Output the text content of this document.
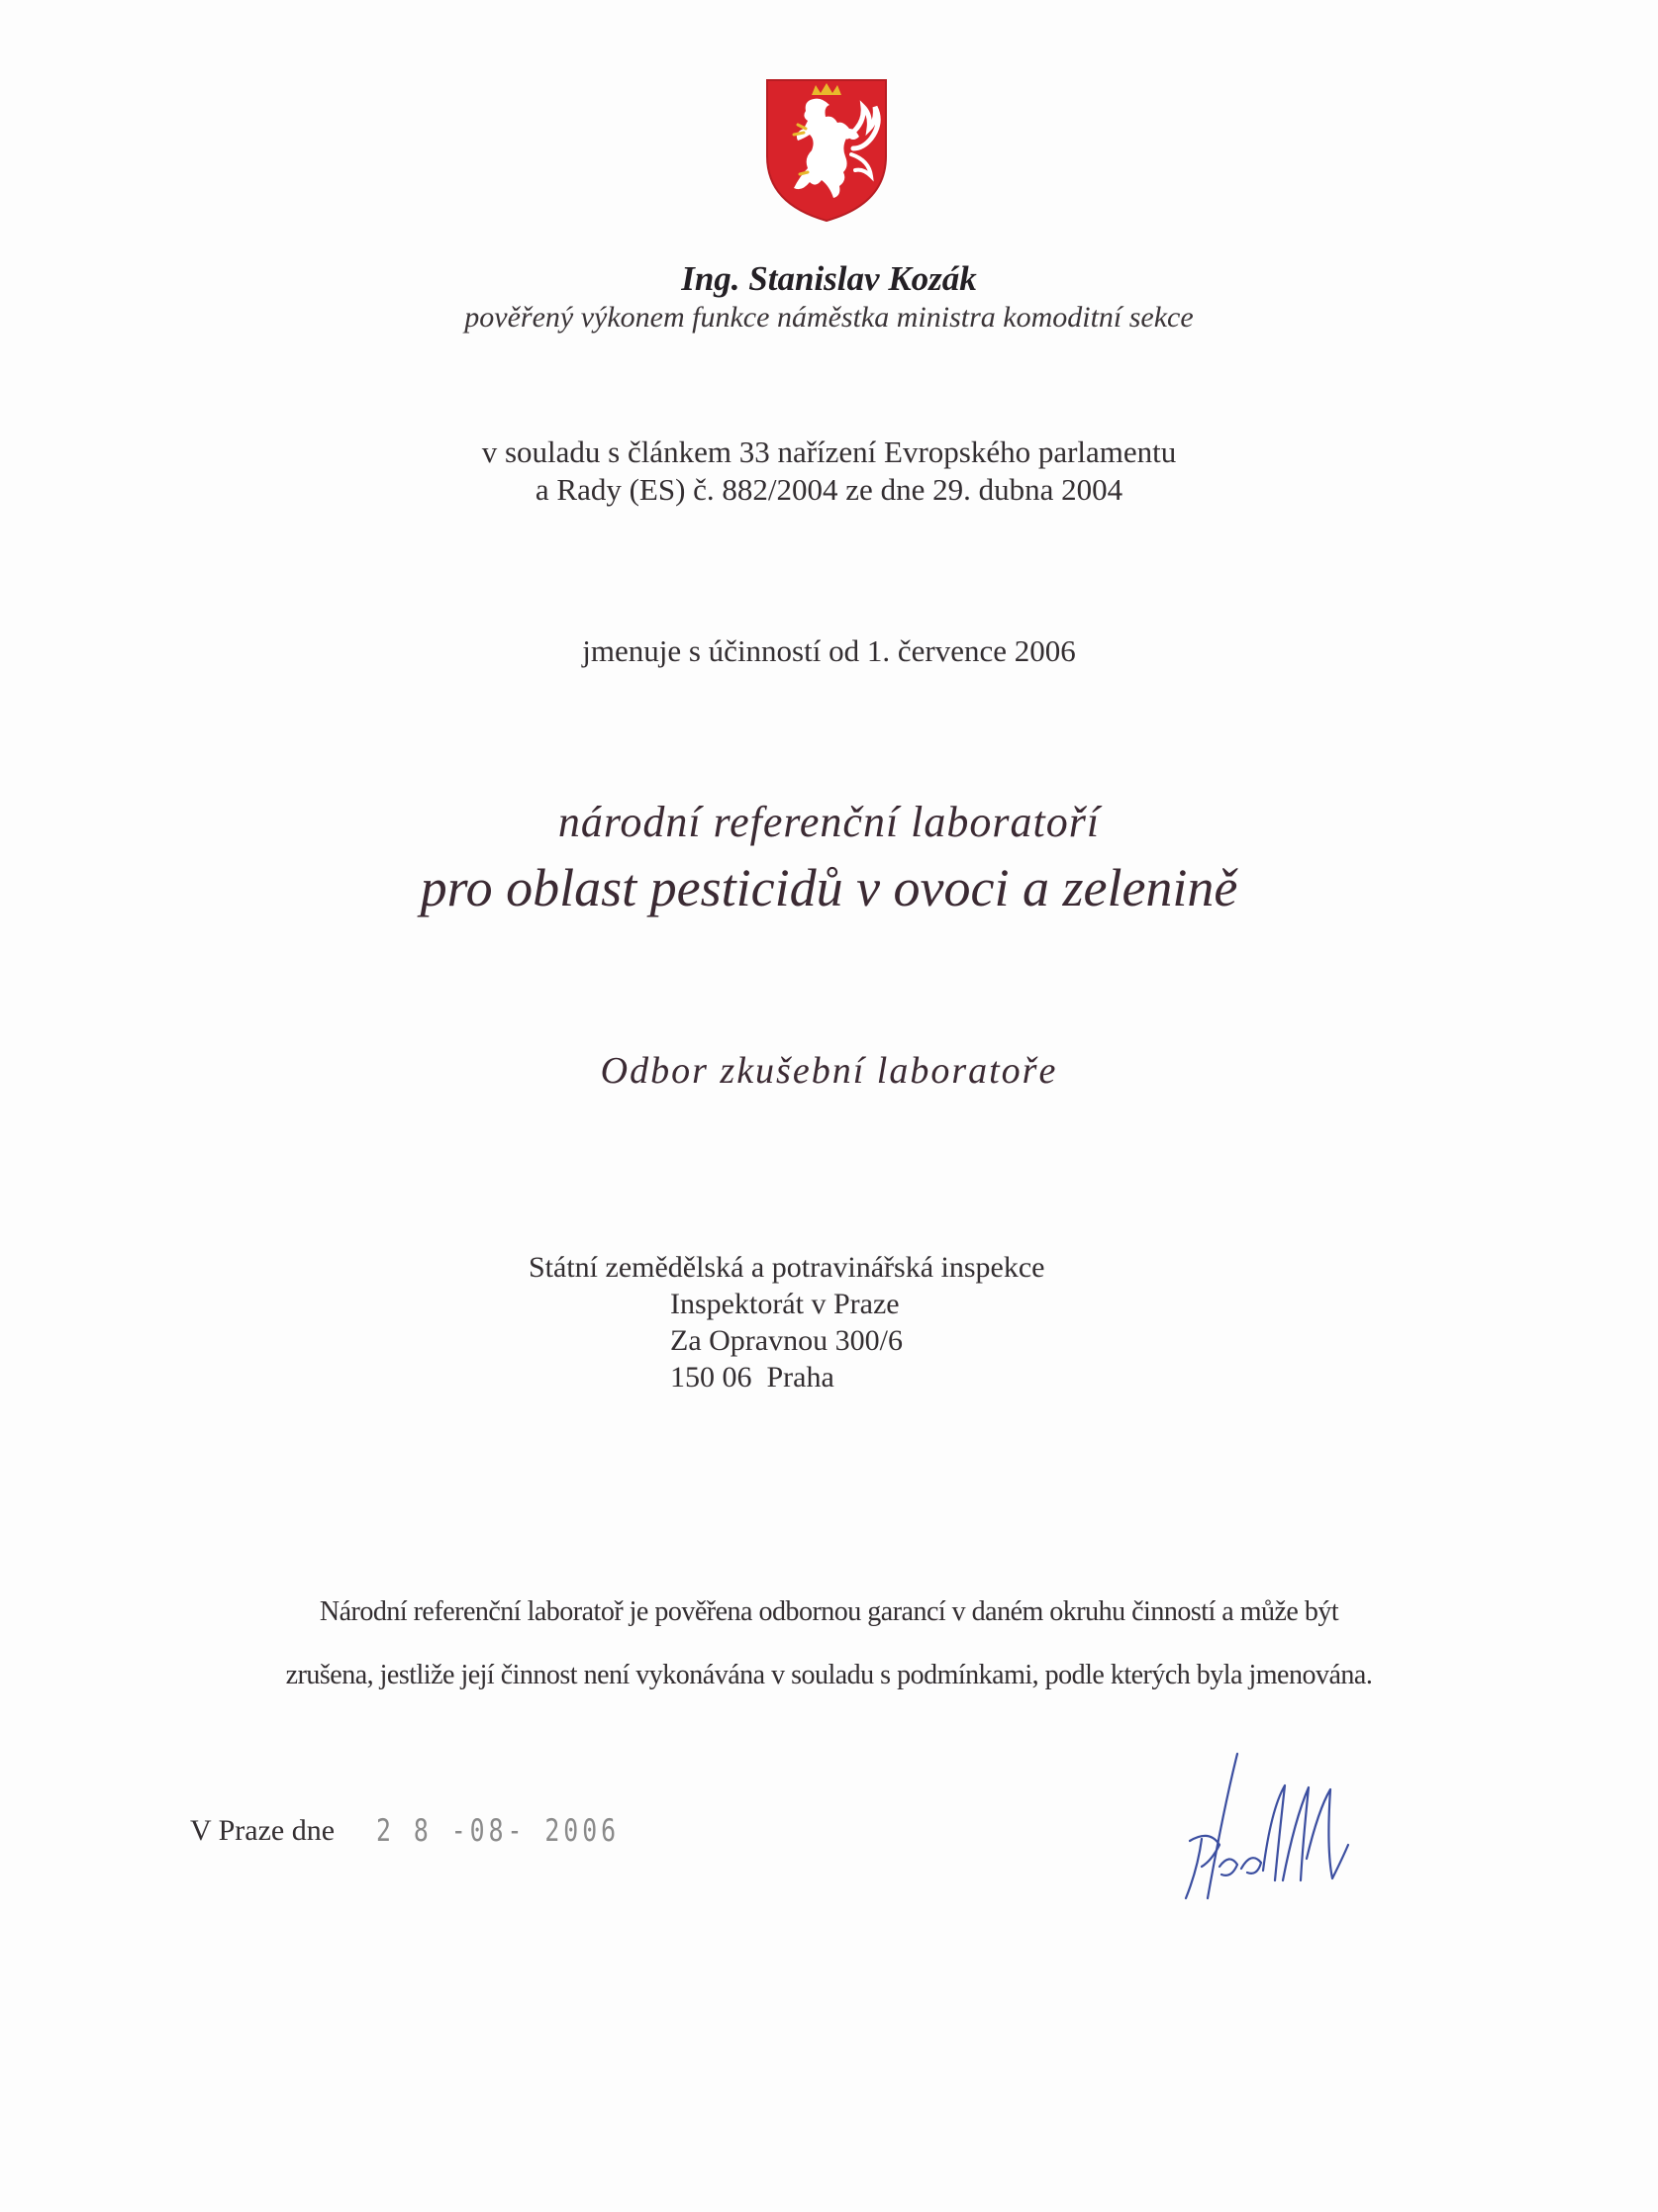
Ing. Stanislav Kozák
pověřený výkonem funkce náměstka ministra komoditní sekce
v souladu s článkem 33 nařízení Evropského parlamentu
a Rady (ES) č. 882/2004 ze dne 29. dubna 2004
jmenuje s účinností od 1. července 2006
národní referenční laboratoří
pro oblast pesticidů v ovoci a zelenině
Odbor zkušební laboratoře
Státní zemědělská a potravinářská inspekce
Inspektorát v Praze
Za Opravnou 300/6
150 06  Praha
Národní referenční laboratoř je pověřena odbornou garancí v daném okruhu činností a může být
zrušena, jestliže její činnost není vykonávána v souladu s podmínkami, podle kterých byla jmenována.
V Praze dne 2 8 -08- 2006
